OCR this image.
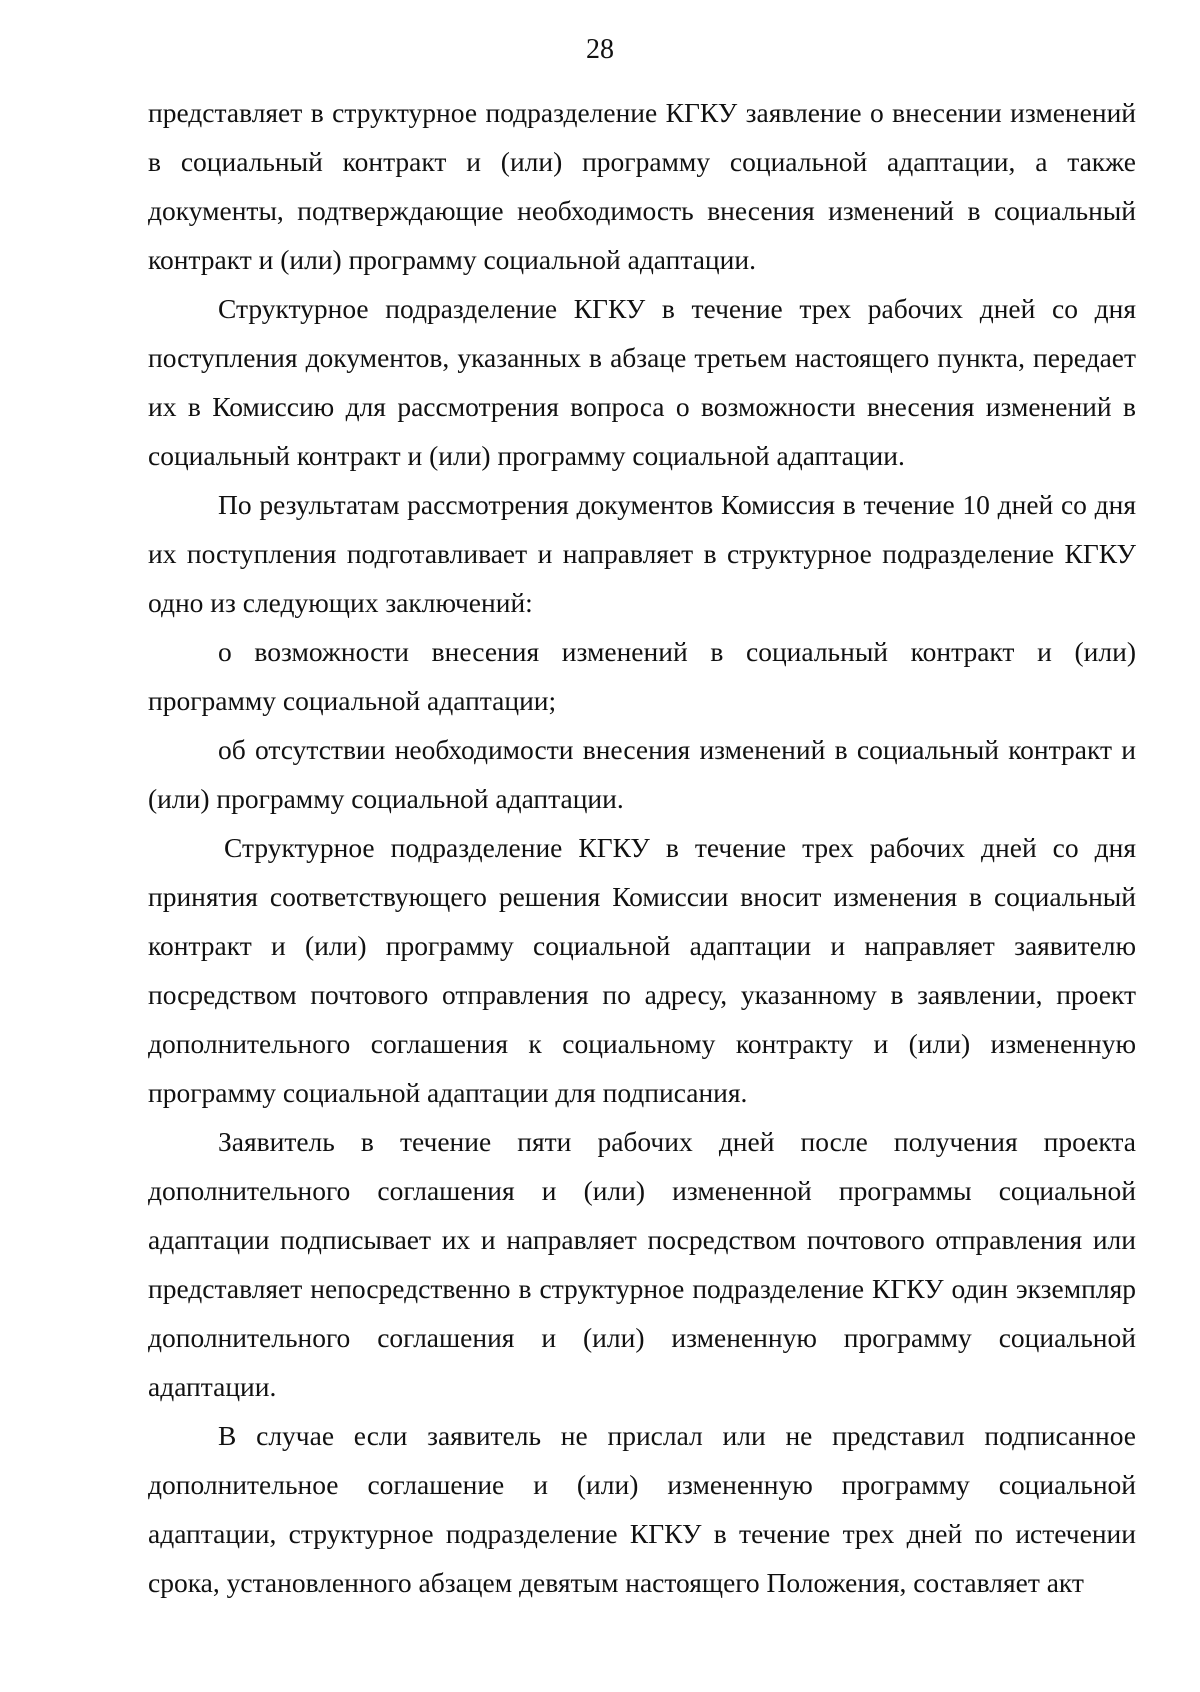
28

представляет в структурное подразделение КГКУ заявление о внесении изменений в социальный контракт и (или) программу социальной адаптации, а также документы, подтверждающие необходимость внесения изменений в социальный контракт и (или) программу социальной адаптации.

Структурное подразделение КГКУ в течение трех рабочих дней со дня поступления документов, указанных в абзаце третьем настоящего пункта, передает их в Комиссию для рассмотрения вопроса о возможности внесения изменений в социальный контракт и (или) программу социальной адаптации.

По результатам рассмотрения документов Комиссия в течение 10 дней со дня их поступления подготавливает и направляет в структурное подразделение КГКУ одно из следующих заключений:

о возможности внесения изменений в социальный контракт и (или) программу социальной адаптации;

об отсутствии необходимости внесения изменений в социальный контракт и (или) программу социальной адаптации.

Структурное подразделение КГКУ в течение трех рабочих дней со дня принятия соответствующего решения Комиссии вносит изменения в социальный контракт и (или) программу социальной адаптации и направляет заявителю посредством почтового отправления по адресу, указанному в заявлении, проект дополнительного соглашения к социальному контракту и (или) измененную программу социальной адаптации для подписания.

Заявитель в течение пяти рабочих дней после получения проекта дополнительного соглашения и (или) измененной программы социальной адаптации подписывает их и направляет посредством почтового отправления или представляет непосредственно в структурное подразделение КГКУ один экземпляр дополнительного соглашения и (или) измененную программу социальной адаптации.

В случае если заявитель не прислал или не представил подписанное дополнительное соглашение и (или) измененную программу социальной адаптации, структурное подразделение КГКУ в течение трех дней по истечении срока, установленного абзацем девятым настоящего Положения, составляет акт
